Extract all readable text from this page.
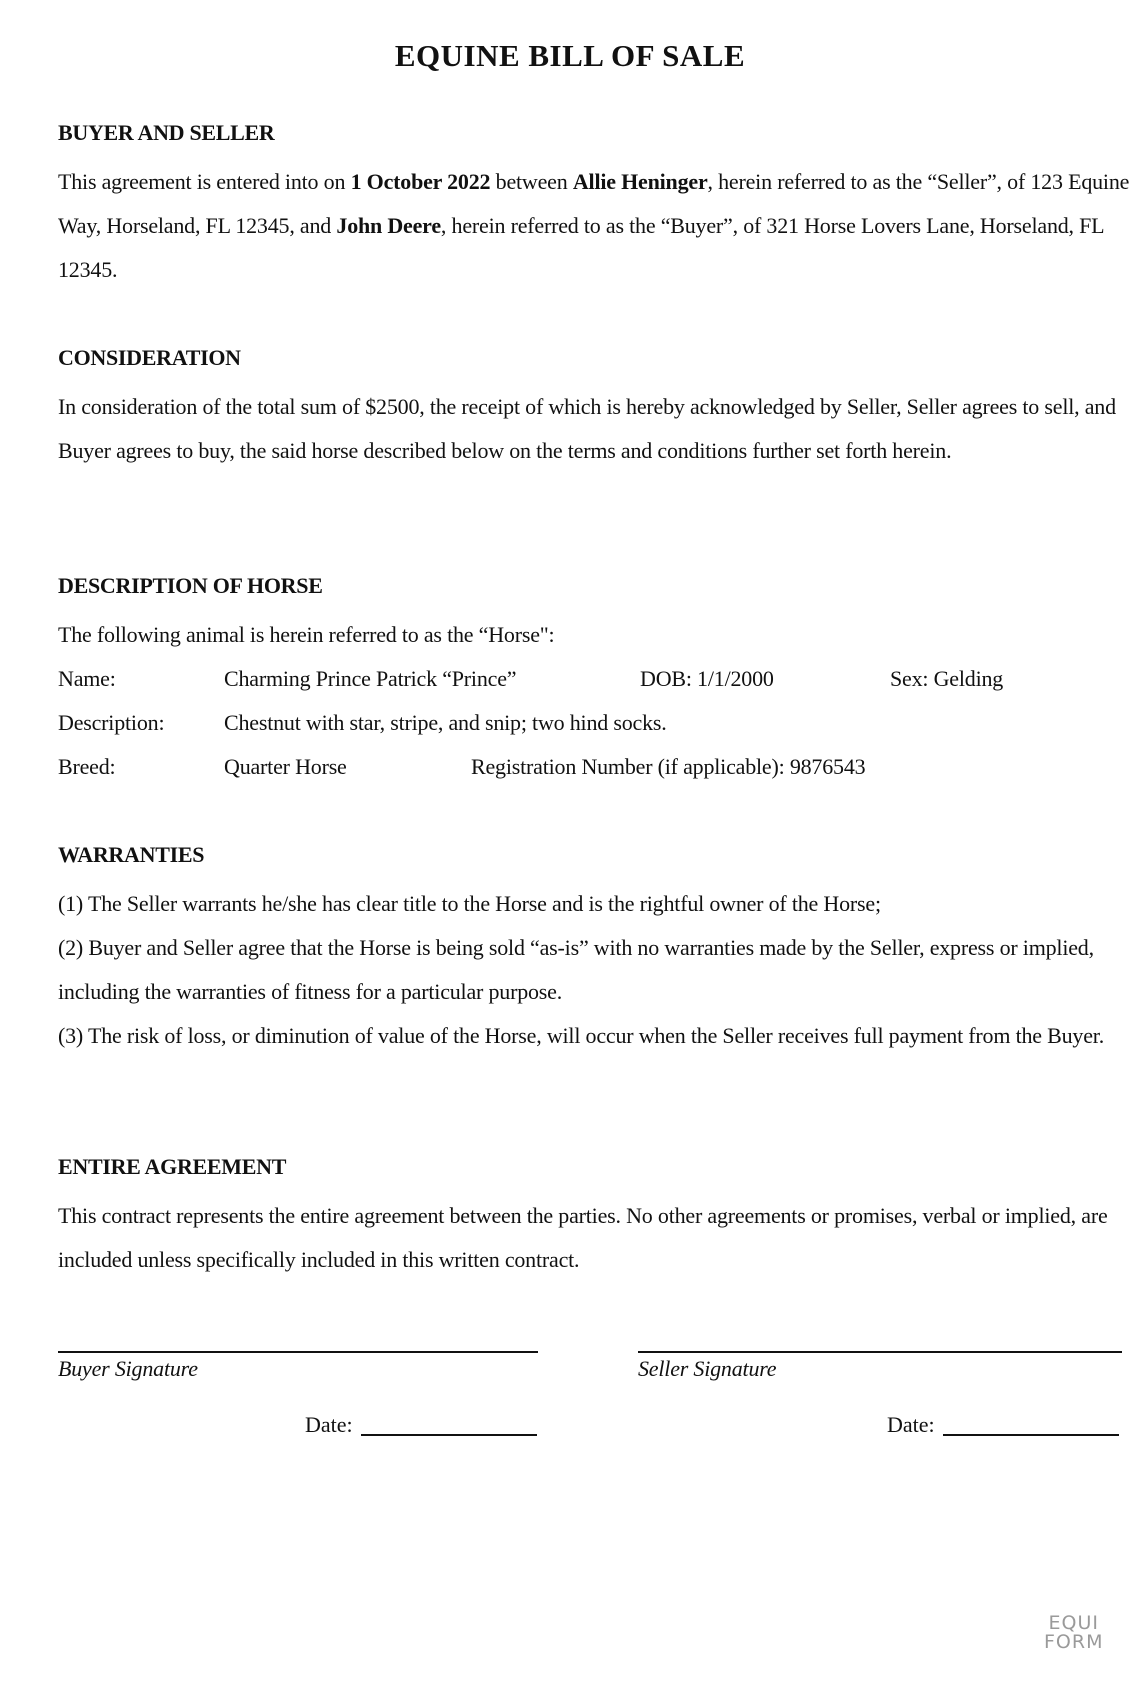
EQUINE BILL OF SALE
BUYER AND SELLER

This agreement is entered into on 1 October 2022 between Allie Heninger, herein referred to as the “Seller”, of 123 Equine Way, Horseland, FL 12345, and John Deere, herein referred to as the “Buyer”, of 321 Horse Lovers Lane, Horseland, FL 12345.

CONSIDERATION

In consideration of the total sum of $2500, the receipt of which is hereby acknowledged by Seller, Seller agrees to sell, and Buyer agrees to buy, the said horse described below on the terms and conditions further set forth herein.

DESCRIPTION OF HORSE
The following animal is herein referred to as the “Horse":
Name:	Charming Prince Patrick “Prince”	DOB: 1/1/2000	Sex: Gelding
Description:	Chestnut with star, stripe, and snip; two hind socks.
Breed:	Quarter Horse	Registration Number (if applicable): 9876543
WARRANTIES
(1) The Seller warrants he/she has clear title to the Horse and is the rightful owner of the Horse;
(2) Buyer and Seller agree that the Horse is being sold “as-is” with no warranties made by the Seller, express or implied, including the warranties of fitness for a particular purpose.
(3) The risk of loss, or diminution of value of the Horse, will occur when the Seller receives full payment from the Buyer.
ENTIRE AGREEMENT

This contract represents the entire agreement between the parties. No other agreements or promises, verbal or implied, are included unless specifically included in this written contract.

Buyer Signature	Seller Signature
Date:	Date:
EQUI
FORM
